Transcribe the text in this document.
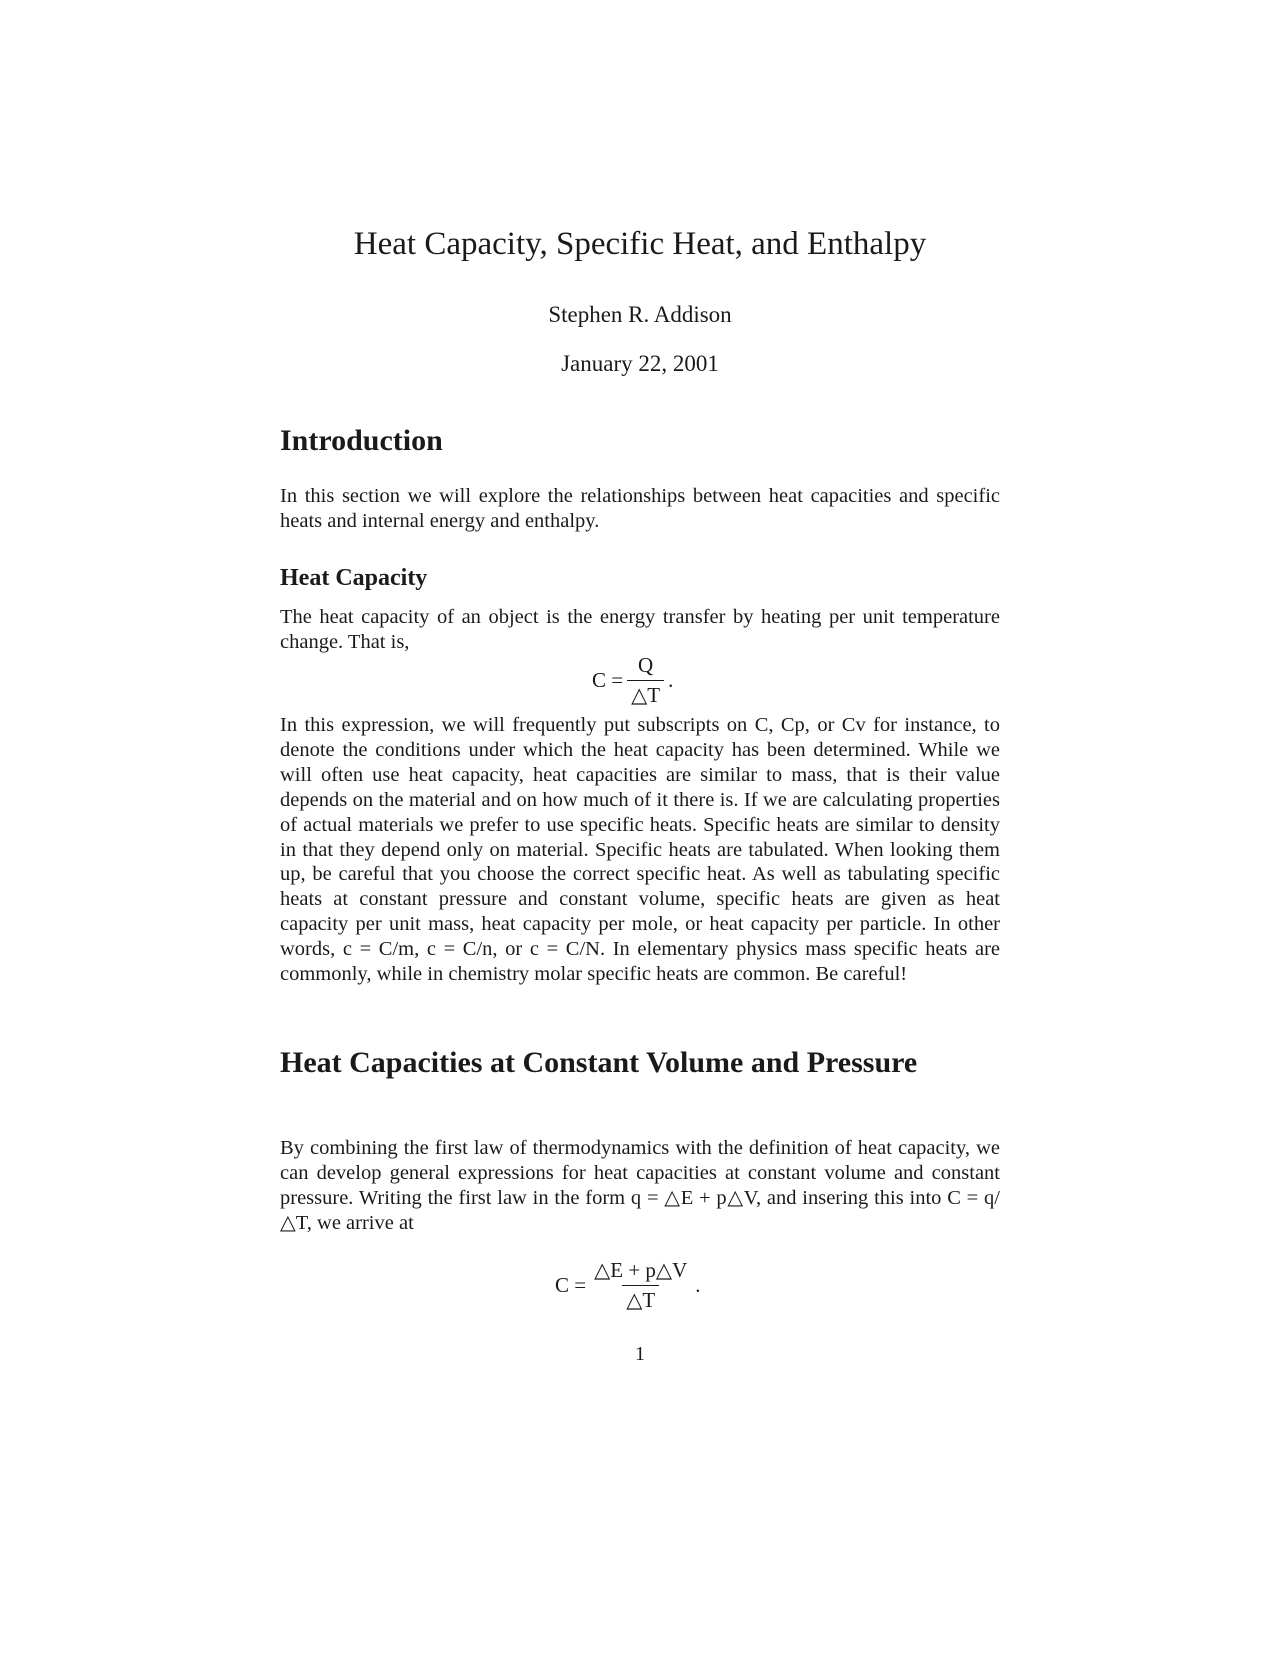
Heat Capacity, Specific Heat, and Enthalpy
Stephen R. Addison
January 22, 2001
Introduction

In this section we will explore the relationships between heat capacities and specific heats and internal energy and enthalpy.

Heat Capacity

The heat capacity of an object is the energy transfer by heating per unit temperature change. That is,

$C = \frac{Q}{\triangle T}$ .

In this expression, we will frequently put subscripts on C, Cp, or Cv for instance, to denote the conditions under which the heat capacity has been determined. While we will often use heat capacity, heat capacities are similar to mass, that is their value depends on the material and on how much of it there is. If we are calculating properties of actual materials we prefer to use specific heats. Specific heats are similar to density in that they depend only on material. Specific heats are tabulated. When looking them up, be careful that you choose the correct specific heat. As well as tabulating specific heats at constant pressure and constant volume, specific heats are given as heat capacity per unit mass, heat capacity per mole, or heat capacity per particle. In other words, c = C/m, c = C/n, or c = C/N. In elementary physics mass specific heats are commonly, while in chemistry molar specific heats are common. Be careful!

Heat Capacities at Constant Volume and Pressure

By combining the first law of thermodynamics with the definition of heat capacity, we can develop general expressions for heat capacities at constant volume and constant pressure. Writing the first law in the form q = △E + p△V, and insering this into C = q/△T, we arrive at

$C = \frac{\triangle E + p\triangle V}{\triangle T}$ .
1
